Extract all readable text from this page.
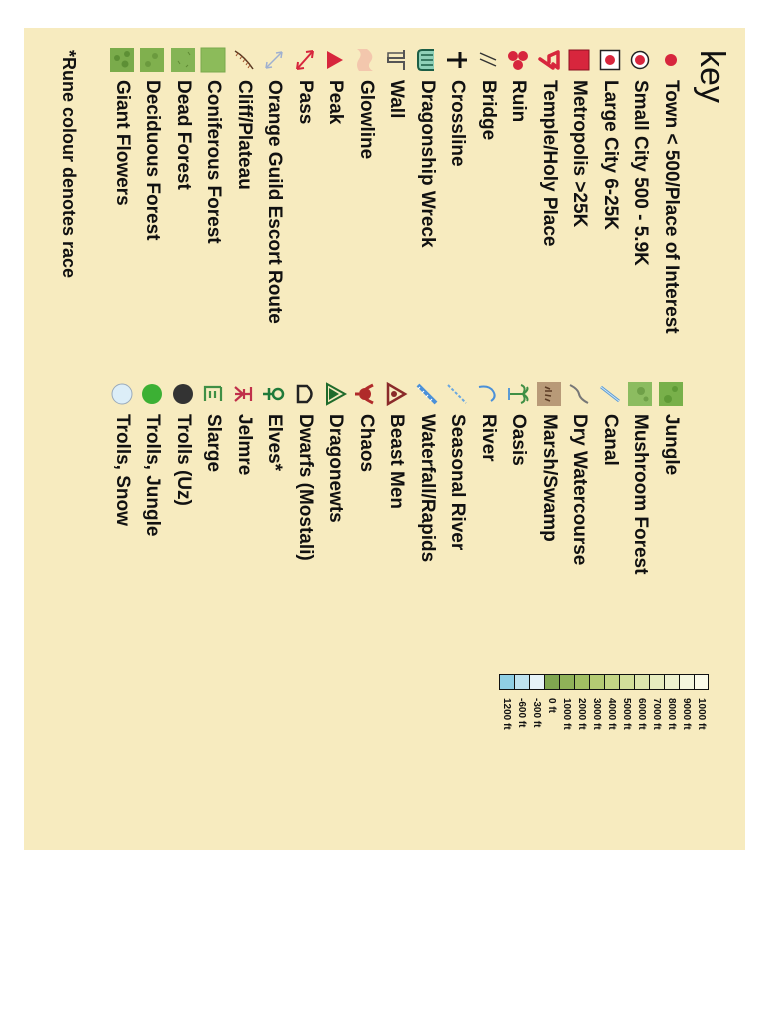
key
Town < 500/Place of Interest
Small City 500 - 5.9K
Large City 6-25K
Metropolis >25K
Temple/Holy Place
Ruin
Bridge
Crossline
Dragonship Wreck
Wall
Glowline
Peak
Pass
Orange Guild Escort Route
Cliff/Plateau
Coniferous Forest
Dead Forest
Deciduous Forest
Giant Flowers
Jungle
Mushroom Forest
Canal
Dry Watercourse
Marsh/Swamp
Oasis
River
Seasonal River
Waterfall/Rapids
Beast Men
Chaos
Dragonewts
Dwarfs (Mostali)
Elves*
Jelmre
Slarge
Trolls (Uz)
Trolls, Jungle
Trolls, Snow
1000 ft
9000 ft
8000 ft
7000 ft
6000 ft
5000 ft
4000 ft
3000 ft
2000 ft
1000 ft
0 ft
-300 ft
-600 ft
1200 ft
*Rune colour denotes race
